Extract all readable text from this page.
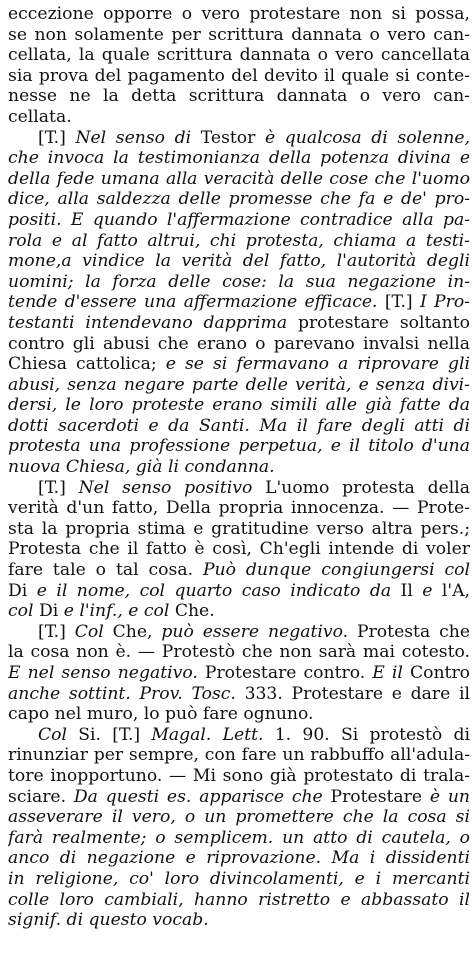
eccezione opporre o vero protestare non si possa,
se non solamente per scrittura dannata o vero can-
cellata, la quale scrittura dannata o vero cancellata
sia prova del pagamento del devito il quale si conte-
nesse ne la detta scrittura dannata o vero can-
cellata.
[T.] Nel senso di Testor è qualcosa di solenne,
che invoca la testimonianza della potenza divina e
della fede umana alla veracità delle cose che l'uomo
dice, alla saldezza delle promesse che fa e de' pro-
positi. E quando l'affermazione contradice alla pa-
rola e al fatto altrui, chi protesta, chiama a testi-
mone,a vindice la verità del fatto, l'autorità degli
uomini; la forza delle cose: la sua negazione in-
tende d'essere una affermazione efficace. [T.] I Pro-
testanti intendevano dapprima protestare soltanto
contro gli abusi che erano o parevano invalsi nella
Chiesa cattolica; e se si fermavano a riprovare gli
abusi, senza negare parte delle verità, e senza divi-
dersi, le loro proteste erano simili alle già fatte da
dotti sacerdoti e da Santi. Ma il fare degli atti di
protesta una professione perpetua, e il titolo d'una
nuova Chiesa, già li condanna.
[T.] Nel senso positivo L'uomo protesta della
verità d'un fatto, Della propria innocenza. — Prote-
sta la propria stima e gratitudine verso altra pers.;
Protesta che il fatto è così, Ch'egli intende di voler
fare tale o tal cosa. Può dunque congiungersi col
Di e il nome, col quarto caso indicato da Il e l'A,
col Di e l'inf., e col Che.
[T.] Col Che, può essere negativo. Protesta che
la cosa non è. — Protestò che non sarà mai cotesto.
E nel senso negativo. Protestare contro. E il Contro
anche sottint. Prov. Tosc. 333. Protestare e dare il
capo nel muro, lo può fare ognuno.
Col Si. [T.] Magal. Lett. 1. 90. Si protestò di
rinunziar per sempre, con fare un rabbuffo all'adula-
tore inopportuno. — Mi sono già protestato di trala-
sciare. Da questi es. apparisce che Protestare è un
asseverare il vero, o un promettere che la cosa si
farà realmente; o semplicem. un atto di cautela, o
anco di negazione e riprovazione. Ma i dissidenti
in religione, co' loro divincolamenti, e i mercanti
colle loro cambiali, hanno ristretto e abbassato il
signif. di questo vocab.
